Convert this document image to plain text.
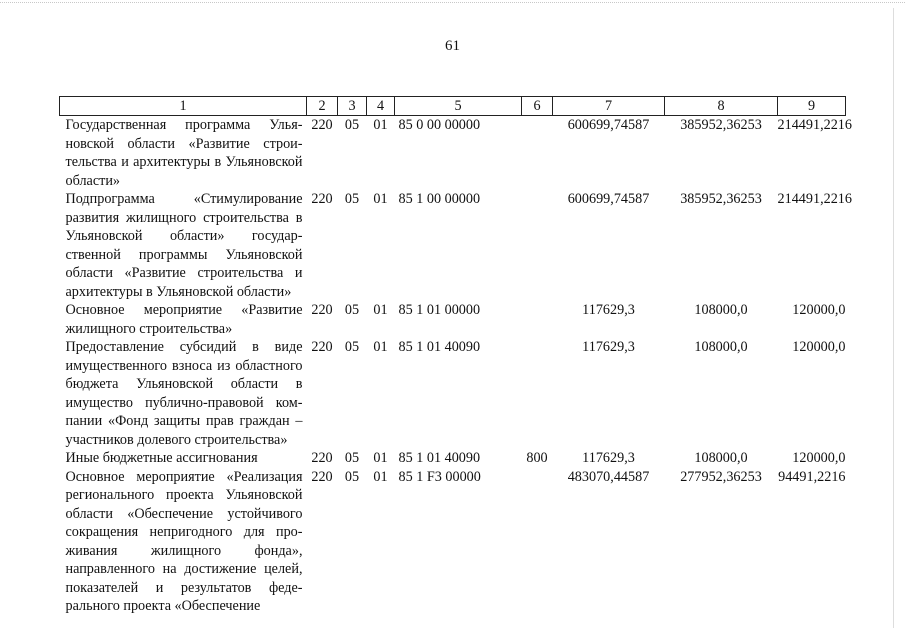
61
1	2	3	4	5	6	7	8	9
Государственная программа Ульяновской области «Развитие строительства и архитектуры в Ульяновской области»	220	05	01	85 0 00 00000		600699,74587	385952,36253	214491,2216
Подпрограмма «Стимулирование развития жилищного строительства в Ульяновской области» государственной программы Ульяновской области «Развитие строительства и архитектуры в Ульяновской области»	220	05	01	85 1 00 00000		600699,74587	385952,36253	214491,2216
Основное мероприятие «Развитие жилищного строительства»	220	05	01	85 1 01 00000		117629,3	108000,0	120000,0
Предоставление субсидий в виде имущественного взноса из областного бюджета Ульяновской области в имущество публично-правовой компании «Фонд защиты прав граждан – участников долевого строительства»	220	05	01	85 1 01 40090		117629,3	108000,0	120000,0
Иные бюджетные ассигнования	220	05	01	85 1 01 40090	800	117629,3	108000,0	120000,0
Основное мероприятие «Реализация регионального проекта Ульяновской области «Обеспечение устойчивого сокращения непригодного для проживания жилищного фонда», направленного на достижение целей, показателей и результатов федерального проекта «Обеспечение	220	05	01	85 1 F3 00000		483070,44587	277952,36253	94491,2216
